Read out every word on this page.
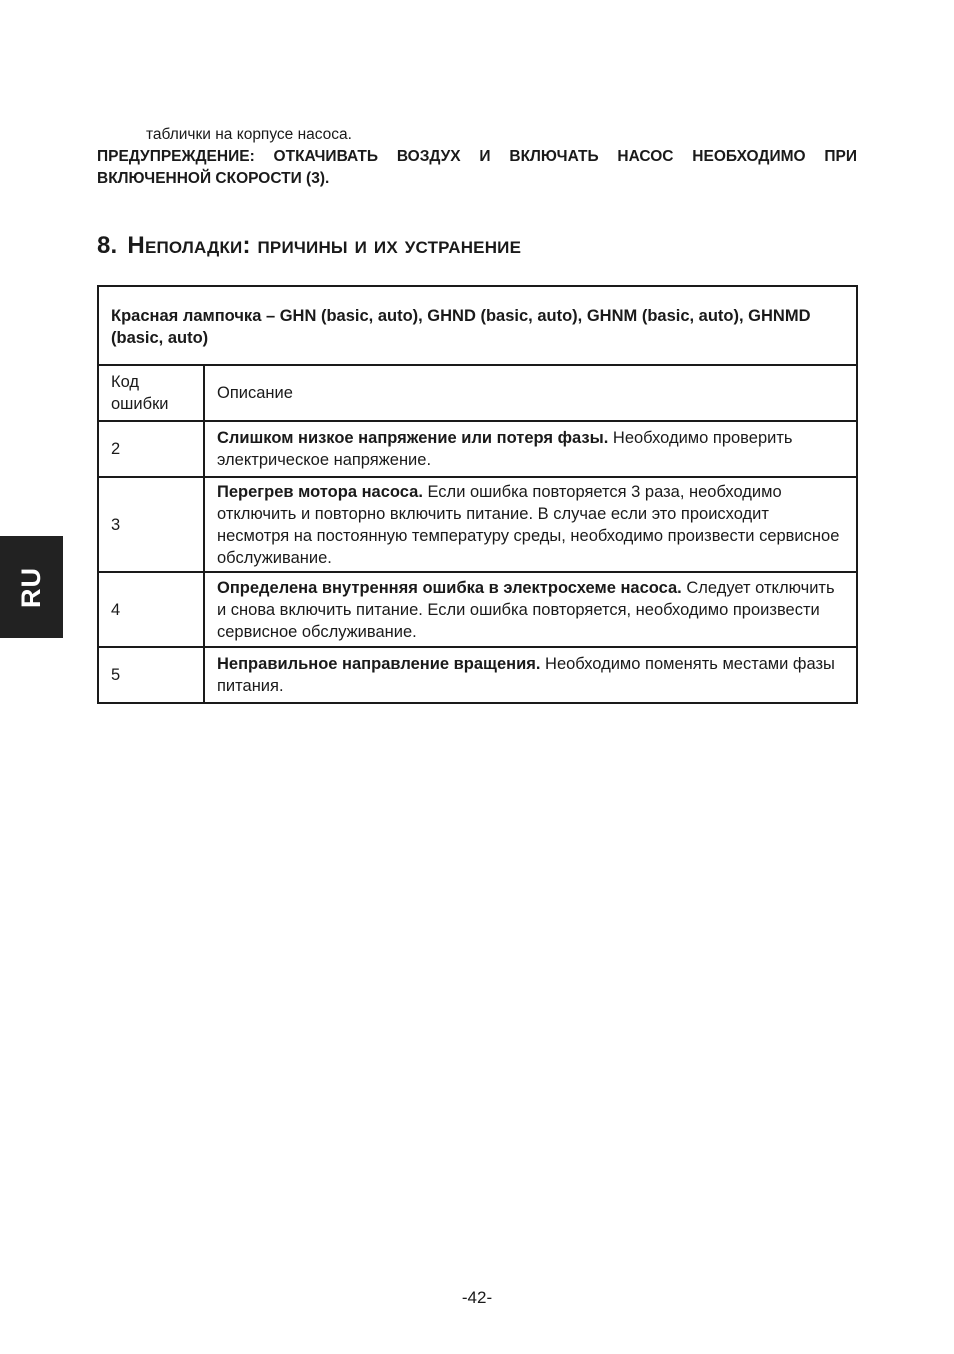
таблички на корпусе насоса.

ПРЕДУПРЕЖДЕНИЕ: ОТКАЧИВАТЬ ВОЗДУХ И ВКЛЮЧАТЬ НАСОС НЕОБХОДИМО ПРИ ВКЛЮЧЕННОЙ СКОРОСТИ (3).

8. Неполадки: причины и их устранение
Красная лампочка – GHN (basic, auto), GHND (basic, auto), GHNM (basic, auto), GHNMD (basic, auto)	
Код ошибки	Описание
2	Слишком низкое напряжение или потеря фазы. Необходимо проверить электрическое напряжение.
3	Перегрев мотора насоса. Если ошибка повторяется 3 раза, необходимо отключить и повторно включить питание. В случае если это происходит несмотря на постоянную температуру среды, необходимо произвести сервисное обслуживание.
4	Определена внутренняя ошибка в электросхеме насоса. Следует отключить и снова включить питание. Если ошибка повторяется, необходимо произвести сервисное обслуживание.
5	Неправильное направление вращения. Необходимо поменять местами фазы питания.
RU
-42-
